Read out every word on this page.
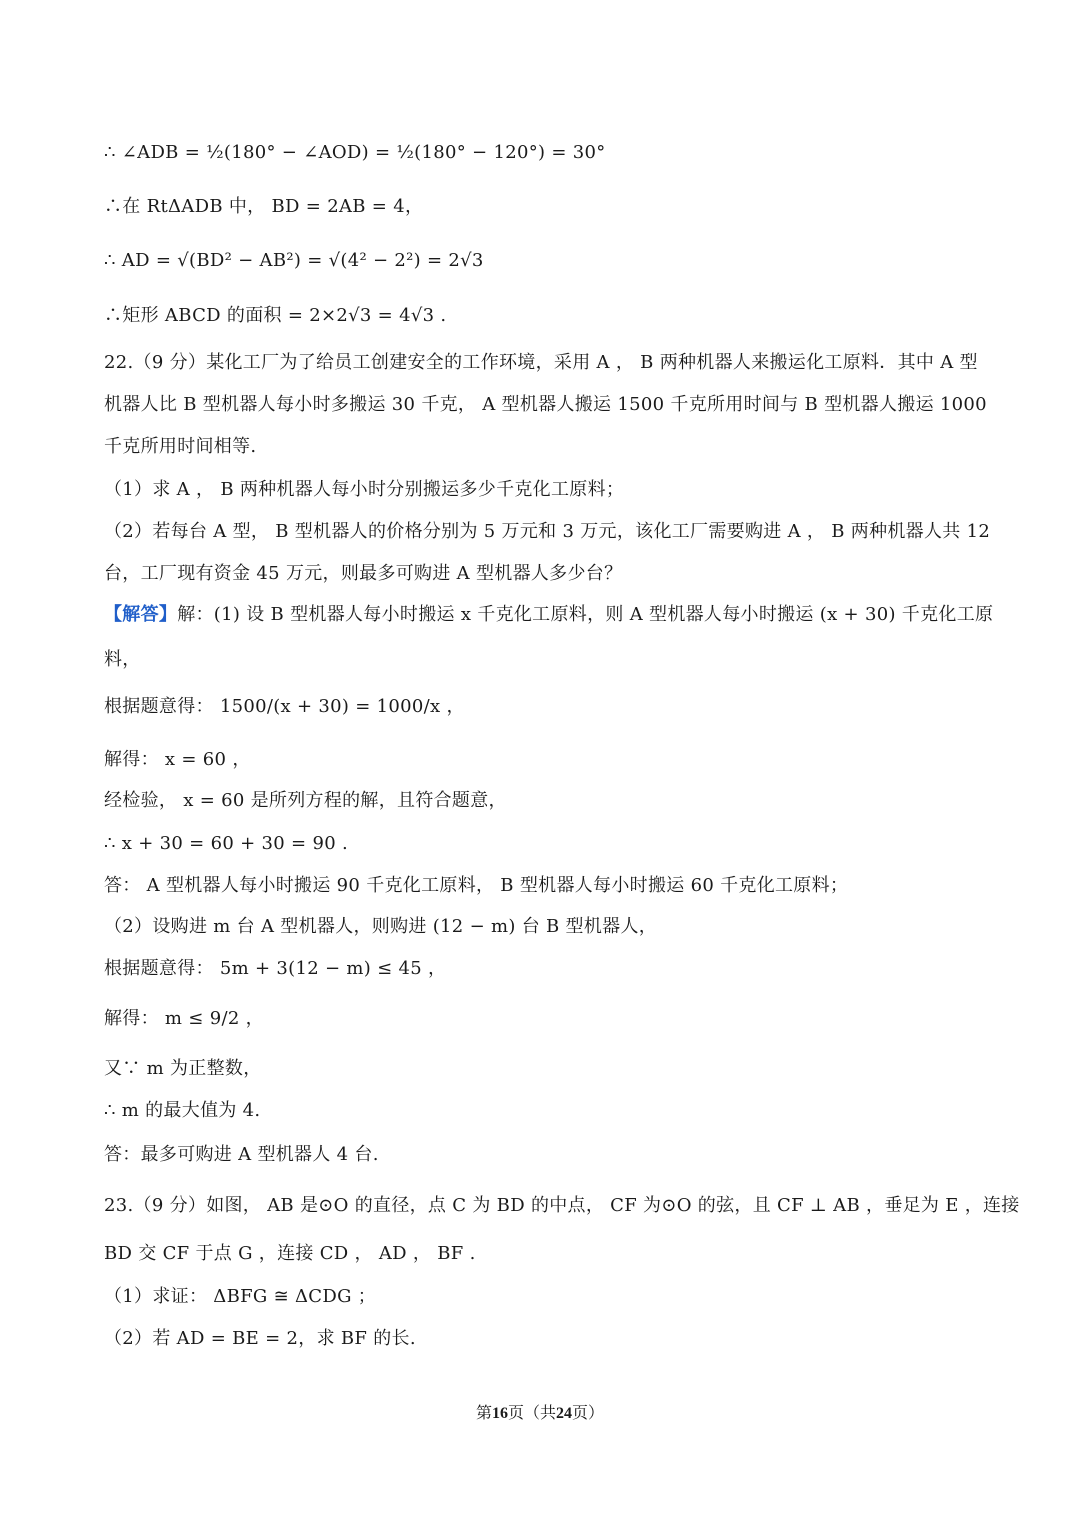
∴ ∠ADB = ½(180° − ∠AOD) = ½(180° − 120°) = 30°
∴在 RtΔADB 中， BD = 2AB = 4，
∴ AD = √(BD² − AB²) = √(4² − 2²) = 2√3
∴矩形 ABCD 的面积 = 2×2√3 = 4√3 .
22.（9 分）某化工厂为了给员工创建安全的工作环境，采用 A ， B 两种机器人来搬运化工原料．其中 A 型
机器人比 B 型机器人每小时多搬运 30 千克， A 型机器人搬运 1500 千克所用时间与 B 型机器人搬运 1000
千克所用时间相等.
（1）求 A ， B 两种机器人每小时分别搬运多少千克化工原料；
（2）若每台 A 型， B 型机器人的价格分别为 5 万元和 3 万元，该化工厂需要购进 A ， B 两种机器人共 12
台，工厂现有资金 45 万元，则最多可购进 A 型机器人多少台？
【解答】解：(1) 设 B 型机器人每小时搬运 x 千克化工原料，则 A 型机器人每小时搬运 (x + 30) 千克化工原
料，
根据题意得： 1500/(x + 30) = 1000/x ，
解得： x = 60 ，
经检验， x = 60 是所列方程的解，且符合题意，
∴ x + 30 = 60 + 30 = 90 .
答： A 型机器人每小时搬运 90 千克化工原料， B 型机器人每小时搬运 60 千克化工原料；
（2）设购进 m 台 A 型机器人，则购进 (12 − m) 台 B 型机器人，
根据题意得： 5m + 3(12 − m) ≤ 45 ，
解得： m ≤ 9/2 ，
又∵ m 为正整数，
∴ m 的最大值为 4.
答：最多可购进 A 型机器人 4 台.
23.（9 分）如图， AB 是⊙O 的直径，点 C 为 BD 的中点， CF 为⊙O 的弦，且 CF ⊥ AB ，垂足为 E ，连接
BD 交 CF 于点 G ，连接 CD ， AD ， BF .
（1）求证： ΔBFG ≅ ΔCDG ；
（2）若 AD = BE = 2，求 BF 的长.
第16页（共24页）
